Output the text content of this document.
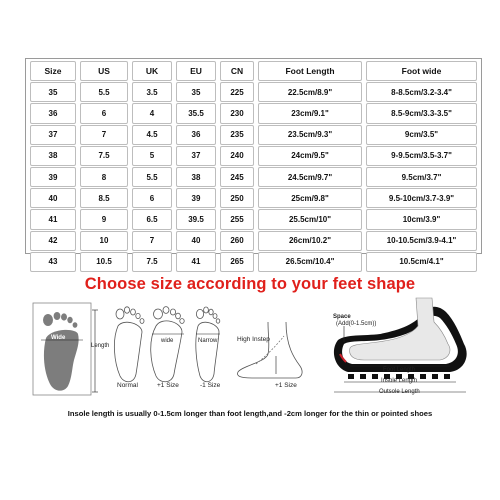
Size	US	UK	EU	CN	Foot Length	Foot wide
35	5.5	3.5	35	225	22.5cm/8.9"	8-8.5cm/3.2-3.4"
36	6	4	35.5	230	23cm/9.1"	8.5-9cm/3.3-3.5"
37	7	4.5	36	235	23.5cm/9.3"	9cm/3.5"
38	7.5	5	37	240	24cm/9.5"	9-9.5cm/3.5-3.7"
39	8	5.5	38	245	24.5cm/9.7"	9.5cm/3.7"
40	8.5	6	39	250	25cm/9.8"	9.5-10cm/3.7-3.9"
41	9	6.5	39.5	255	25.5cm/10"	10cm/3.9"
42	10	7	40	260	26cm/10.2"	10-10.5cm/3.9-4.1"
43	10.5	7.5	41	265	26.5cm/10.4"	10.5cm/4.1"
Choose size according to your feet shape
Wide
Length
wide	Narrow
Normal	+1 Size	-1 Size
High Instep
+1 Size
Space
(Add(0-1.5cm))
Foot Length
Insole Length
Outsole Length
Insole length is usually 0-1.5cm longer than foot length,and -2cm longer for the thin or pointed shoes
